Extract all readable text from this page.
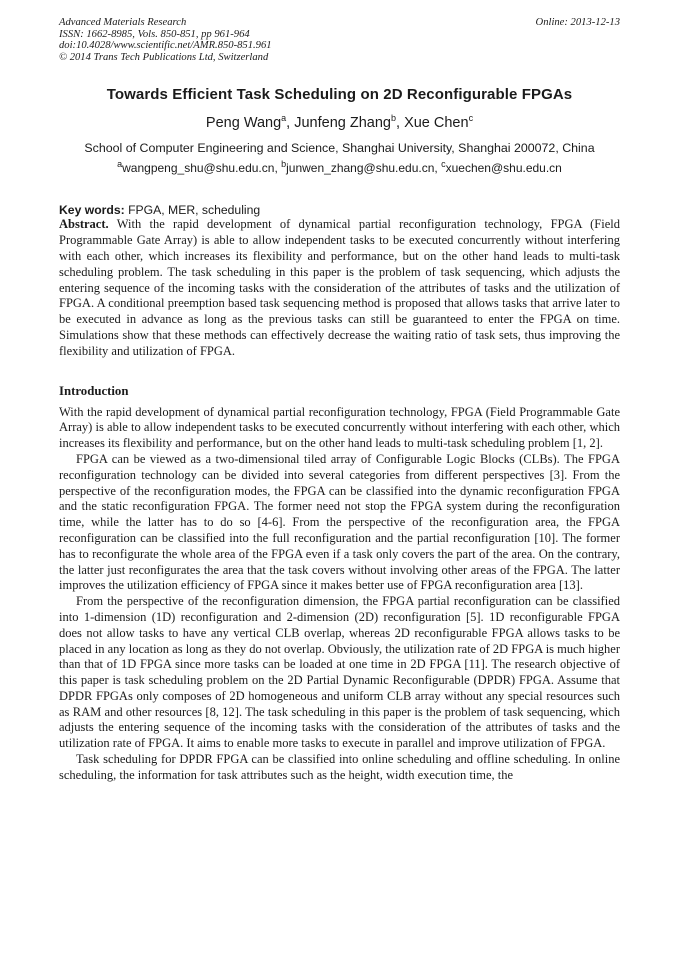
Advanced Materials Research
ISSN: 1662-8985, Vols. 850-851, pp 961-964
doi:10.4028/www.scientific.net/AMR.850-851.961
© 2014 Trans Tech Publications Ltd, Switzerland
Online: 2013-12-13
Towards Efficient Task Scheduling on 2D Reconfigurable FPGAs
Peng Wang$^a$, Junfeng Zhang$^b$, Xue Chen$^c$
School of Computer Engineering and Science, Shanghai University, Shanghai 200072, China
$^a$wangpeng_shu@shu.edu.cn, $^b$junwen_zhang@shu.edu.cn, $^c$xuechen@shu.edu.cn
Key words: FPGA, MER, scheduling

Abstract. With the rapid development of dynamical partial reconfiguration technology, FPGA (Field Programmable Gate Array) is able to allow independent tasks to be executed concurrently without interfering with each other, which increases its flexibility and performance, but on the other hand leads to multi-task scheduling problem. The task scheduling in this paper is the problem of task sequencing, which adjusts the entering sequence of the incoming tasks with the consideration of the attributes of tasks and the utilization of FPGA. A conditional preemption based task sequencing method is proposed that allows tasks that arrive later to be executed in advance as long as the previous tasks can still be guaranteed to enter the FPGA on time. Simulations show that these methods can effectively decrease the waiting ratio of task sets, thus improving the flexibility and utilization of FPGA.

Introduction

With the rapid development of dynamical partial reconfiguration technology, FPGA (Field Programmable Gate Array) is able to allow independent tasks to be executed concurrently without interfering with each other, which increases its flexibility and performance, but on the other hand leads to multi-task scheduling problem [1, 2].

FPGA can be viewed as a two-dimensional tiled array of Configurable Logic Blocks (CLBs). The FPGA reconfiguration technology can be divided into several categories from different perspectives [3]. From the perspective of the reconfiguration modes, the FPGA can be classified into the dynamic reconfiguration FPGA and the static reconfiguration FPGA. The former need not stop the FPGA system during the reconfiguration time, while the latter has to do so [4-6]. From the perspective of the reconfiguration area, the FPGA reconfiguration can be classified into the full reconfiguration and the partial reconfiguration [10]. The former has to reconfigurate the whole area of the FPGA even if a task only covers the part of the area. On the contrary, the latter just reconfigurates the area that the task covers without involving other areas of the FPGA. The latter improves the utilization efficiency of FPGA since it makes better use of FPGA reconfiguration area [13].

From the perspective of the reconfiguration dimension, the FPGA partial reconfiguration can be classified into 1-dimension (1D) reconfiguration and 2-dimension (2D) reconfiguration [5]. 1D reconfigurable FPGA does not allow tasks to have any vertical CLB overlap, whereas 2D reconfigurable FPGA allows tasks to be placed in any location as long as they do not overlap. Obviously, the utilization rate of 2D FPGA is much higher than that of 1D FPGA since more tasks can be loaded at one time in 2D FPGA [11]. The research objective of this paper is task scheduling problem on the 2D Partial Dynamic Reconfigurable (DPDR) FPGA. Assume that DPDR FPGAs only composes of 2D homogeneous and uniform CLB array without any special resources such as RAM and other resources [8, 12]. The task scheduling in this paper is the problem of task sequencing, which adjusts the entering sequence of the incoming tasks with the consideration of the attributes of tasks and the utilization rate of FPGA. It aims to enable more tasks to execute in parallel and improve utilization of FPGA.

Task scheduling for DPDR FPGA can be classified into online scheduling and offline scheduling. In online scheduling, the information for task attributes such as the height, width execution time, the
